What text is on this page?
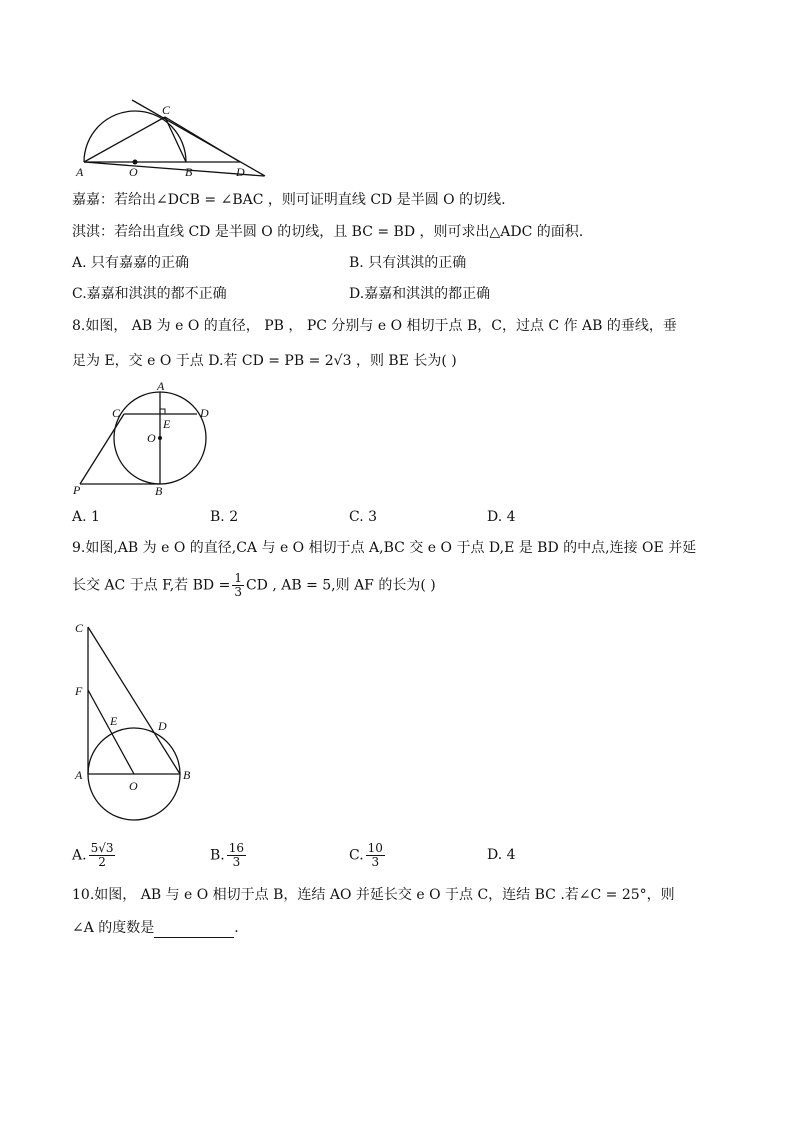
A	O	B	D
C
嘉嘉：若给出∠DCB = ∠BAC ，则可证明直线 CD 是半圆 O 的切线.
淇淇：若给出直线 CD 是半圆 O 的切线，且 BC = BD ，则可求出△ADC 的面积.
A. 只有嘉嘉的正确	B. 只有淇淇的正确
C.嘉嘉和淇淇的都不正确	D.嘉嘉和淇淇的都正确
8.如图， AB 为 e O 的直径， PB ， PC 分别与 e O 相切于点 B，C，过点 C 作 AB 的垂线，垂
足为 E，交 e O 于点 D.若 CD = PB = 2√3 ，则 BE 长为( )
A
C	D
E
O
P	B
A. 1	B. 2	C. 3	D. 4
9.如图,AB 为 e O 的直径,CA 与 e O 相切于点 A,BC 交 e O 于点 D,E 是 BD 的中点,连接 OE 并延
长交 AC 于点 F,若 BD = $\frac{1}{3}$ CD , AB = 5,则 AF 的长为( )
C
F
E	D
A
O
B
A. $\frac{5√3}{2}$	B. $\frac{16}{3}$	C. $\frac{10}{3}$	D. 4
10.如图， AB 与 e O 相切于点 B，连结 AO 并延长交 e O 于点 C，连结 BC .若∠C = 25°，则
∠A 的度数是	.
